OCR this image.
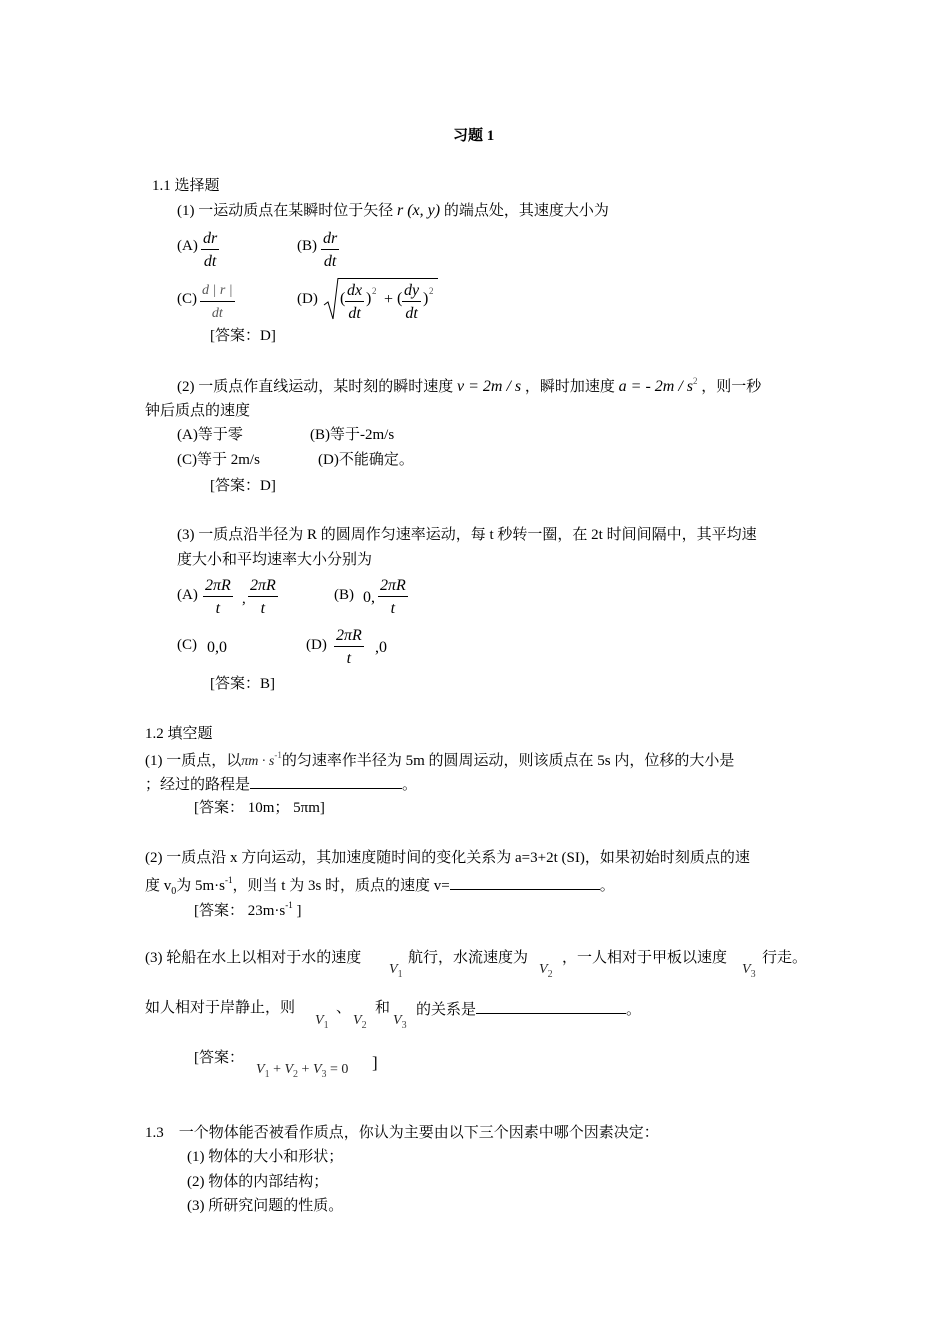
习题 1
1.1 选择题
(1) 一运动质点在某瞬时位于矢径 r (x, y) 的端点处，其速度大小为
$(A) \frac{dr}{dt}$	$(B) \frac{dr}{dt}$
$(C) \frac{d | r |}{dt}$	(D) ( $\frac{dx}{dt}$ ) 2 + ( $\frac{dy}{dt}$ ) 2
[答案：D]
(2) 一质点作直线运动，某时刻的瞬时速度 v = 2m / s ，瞬时加速度 a = - $2m / s^2$ ，则一秒
钟后质点的速度
(A)等于零	(B)等于-2m/s
(C)等于 2m/s	(D)不能确定。
[答案：D]
(3) 一质点沿半径为 R 的圆周作匀速率运动，每 t 秒转一圈，在 2t 时间间隔中，其平均速
度大小和平均速率大小分别为
$(A) \frac{2\pi R}{t}$ , $\frac{2\pi R}{t}$	(B) 0, $\frac{2\pi R}{t}$
(C) 0,0	$(D) \frac{2\pi R}{t} ,0$
[答案：B]
1.2 填空题
(1) 一质点，以$\pi m \cdot s^{-1}$的匀速率作半径为 5m 的圆周运动，则该质点在 5s 内，位移的大小是
；经过的路程是	。
[答案： 10m； 5πm]
(2) 一质点沿 x 方向运动，其加速度随时间的变化关系为 a=3+2t (SI)，如果初始时刻质点的速
度 $v_0$为 $5m\cdot s^{-1}$，则当 t 为 3s 时，质点的速度 v=	。
[答案： $23m\cdot s^{-1}$ ]
(3) 轮船在水上以相对于水的速度
$V_1$
航行，水流速度为
$V_2$
，一人相对于甲板以速度
$V_3$
行走。
如人相对于岸静止，则
$V_1$
、
$V_2$
和
$V_3$
的关系是	。
[答案：
$V_1 + V_2 + V_3 = 0$ ]
1.3    一个物体能否被看作质点，你认为主要由以下三个因素中哪个因素决定：
(1) 物体的大小和形状；
(2) 物体的内部结构；
(3) 所研究问题的性质。
